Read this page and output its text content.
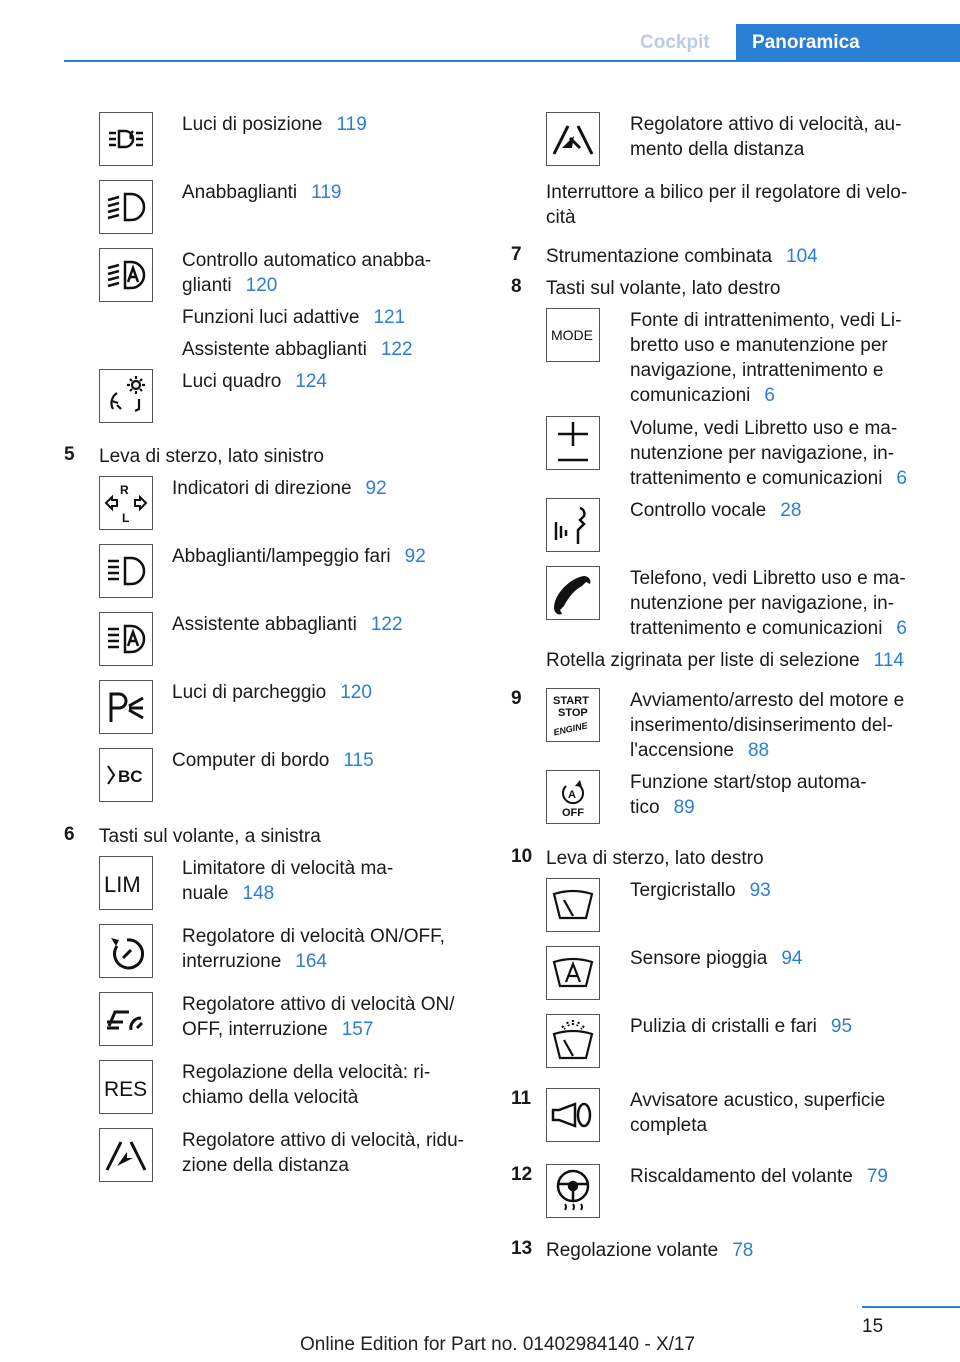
Cockpit	Panoramica
Luci di posizione 119
Anabbaglianti 119
Controllo automatico anabba-
glianti 120
Funzioni luci adattive 121
Assistente abbaglianti 122
Luci quadro 124
5 Leva di sterzo, lato sinistro
R
L
Indicatori di direzione 92
Abbaglianti/lampeggio fari 92
Assistente abbaglianti 122
Luci di parcheggio 120
BC
Computer di bordo 115
6 Tasti sul volante, a sinistra
LIM
Limitatore di velocità ma-
nuale 148
Regolatore di velocità ON/OFF,
interruzione 164
Regolatore attivo di velocità ON/
OFF, interruzione 157
RES
Regolazione della velocità: ri-
chiamo della velocità
Regolatore attivo di velocità, ridu-
zione della distanza
Regolatore attivo di velocità, au-
mento della distanza
Interruttore a bilico per il regolatore di velo-
cità
7 Strumentazione combinata 104
8 Tasti sul volante, lato destro
MODE
Fonte di intrattenimento, vedi Li-
bretto uso e manutenzione per
navigazione, intrattenimento e
comunicazioni 6
Volume, vedi Libretto uso e ma-
nutenzione per navigazione, in-
trattenimento e comunicazioni 6
Controllo vocale 28
Telefono, vedi Libretto uso e ma-
nutenzione per navigazione, in-
trattenimento e comunicazioni 6
Rotella zigrinata per liste di selezione 114
9	START
STOP
ENGINE
Avviamento/arresto del motore e
inserimento/disinserimento del-
l'accensione 88
A
OFF
Funzione start/stop automa-
tico 89
10 Leva di sterzo, lato destro
Tergicristallo 93
Sensore pioggia 94
Pulizia di cristalli e fari 95
11	Avvisatore acustico, superficie
completa
12	Riscaldamento del volante 79
13 Regolazione volante 78
15
Online Edition for Part no. 01402984140 - X/17
